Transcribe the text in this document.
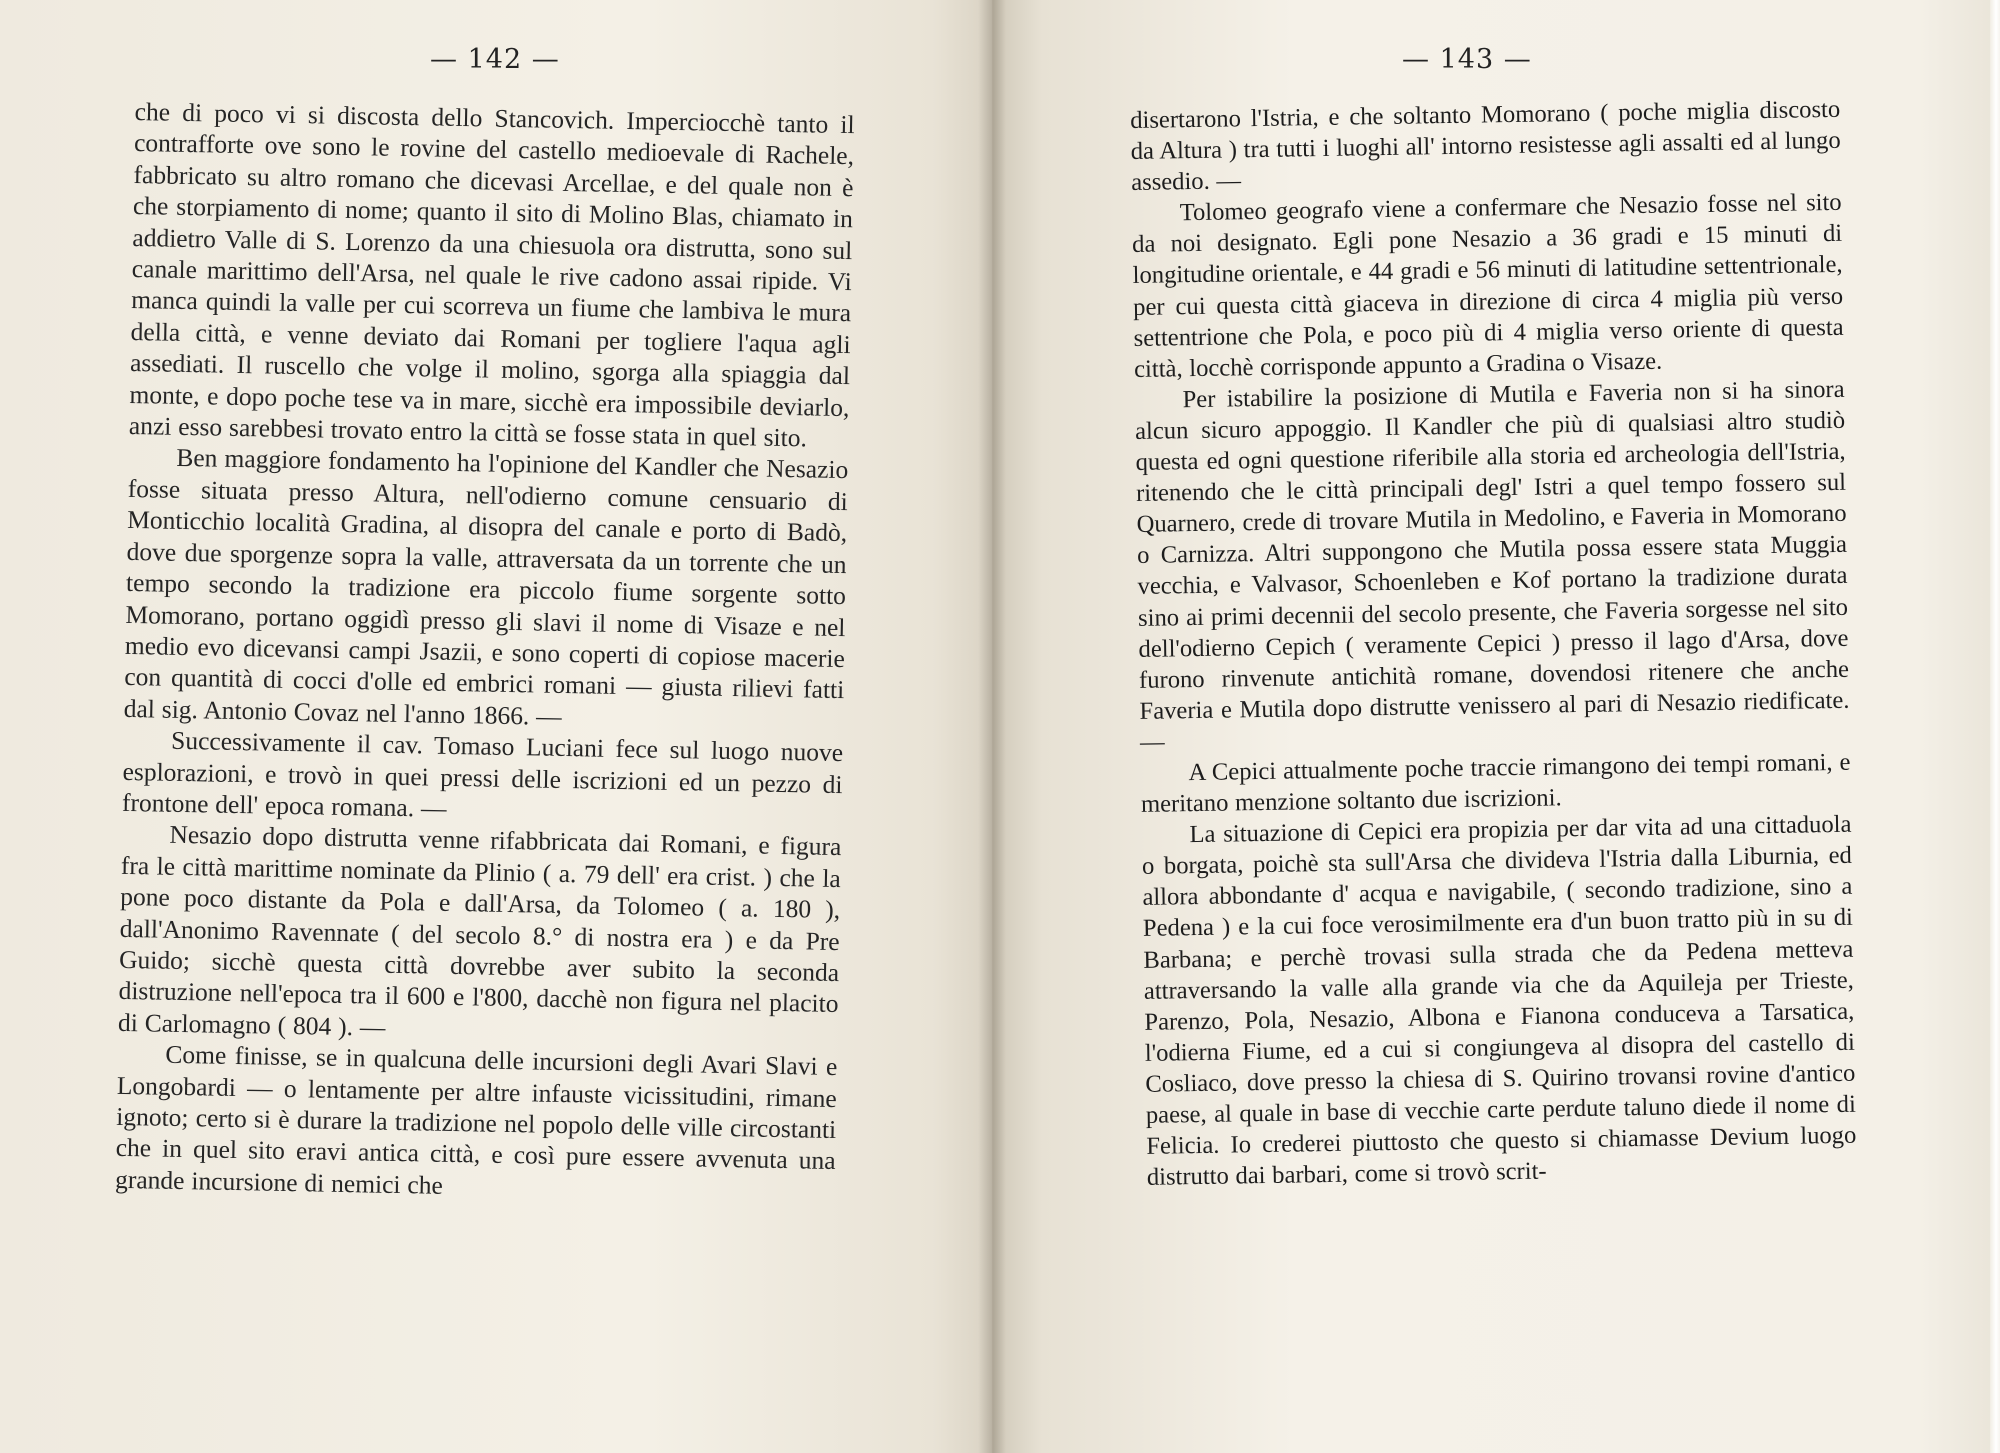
— 142 —

che di poco vi si discosta dello Stancovich. Imperciocchè tanto il contrafforte ove sono le rovine del castello medioevale di Rachele, fabbricato su altro romano che dicevasi Arcellae, e del quale non è che storpiamento di nome; quanto il sito di Molino Blas, chiamato in addietro Valle di S. Lorenzo da una chiesuola ora distrutta, sono sul canale marittimo dell'Arsa, nel quale le rive cadono assai ripide. Vi manca quindi la valle per cui scorreva un fiume che lambiva le mura della città, e venne deviato dai Romani per togliere l'aqua agli assediati. Il ruscello che volge il molino, sgorga alla spiaggia dal monte, e dopo poche tese va in mare, sicchè era impossibile deviarlo, anzi esso sarebbesi trovato entro la città se fosse stata in quel sito.

Ben maggiore fondamento ha l'opinione del Kandler che Nesazio fosse situata presso Altura, nell'odierno comune censuario di Monticchio località Gradina, al disopra del canale e porto di Badò, dove due sporgenze sopra la valle, attraversata da un torrente che un tempo secondo la tradizione era piccolo fiume sorgente sotto Momorano, portano oggidì presso gli slavi il nome di Visaze e nel medio evo dicevansi campi Jsazii, e sono coperti di copiose macerie con quantità di cocci d'olle ed embrici romani — giusta rilievi fatti dal sig. Antonio Covaz nel l'anno 1866. —

Successivamente il cav. Tomaso Luciani fece sul luogo nuove esplorazioni, e trovò in quei pressi delle iscrizioni ed un pezzo di frontone dell' epoca romana. —

Nesazio dopo distrutta venne rifabbricata dai Romani, e figura fra le città marittime nominate da Plinio ( a. 79 dell' era crist. ) che la pone poco distante da Pola e dall'Arsa, da Tolomeo ( a. 180 ), dall'Anonimo Ravennate ( del secolo 8.° di nostra era ) e da Pre Guido; sicchè questa città dovrebbe aver subito la seconda distruzione nell'epoca tra il 600 e l'800, dacchè non figura nel placito di Carlomagno ( 804 ). —

Come finisse, se in qualcuna delle incursioni degli Avari Slavi e Longobardi — o lentamente per altre infauste vicissitudini, rimane ignoto; certo si è durare la tradizione nel popolo delle ville circostanti che in quel sito eravi antica città, e così pure essere avvenuta una grande incursione di nemici che

— 143 —

disertarono l'Istria, e che soltanto Momorano ( poche miglia discosto da Altura ) tra tutti i luoghi all' intorno resistesse agli assalti ed al lungo assedio. —

Tolomeo geografo viene a confermare che Nesazio fosse nel sito da noi designato. Egli pone Nesazio a 36 gradi e 15 minuti di longitudine orientale, e 44 gradi e 56 minuti di latitudine settentrionale, per cui questa città giaceva in direzione di circa 4 miglia più verso settentrione che Pola, e poco più di 4 miglia verso oriente di questa città, locchè corrisponde appunto a Gradina o Visaze.

Per istabilire la posizione di Mutila e Faveria non si ha sinora alcun sicuro appoggio. Il Kandler che più di qualsiasi altro studiò questa ed ogni questione riferibile alla storia ed archeologia dell'Istria, ritenendo che le città principali degl' Istri a quel tempo fossero sul Quarnero, crede di trovare Mutila in Medolino, e Faveria in Momorano o Carnizza. Altri suppongono che Mutila possa essere stata Muggia vecchia, e Valvasor, Schoenleben e Kof portano la tradizione durata sino ai primi decennii del secolo presente, che Faveria sorgesse nel sito dell'odierno Cepich ( veramente Cepici ) presso il lago d'Arsa, dove furono rinvenute antichità romane, dovendosi ritenere che anche Faveria e Mutila dopo distrutte venissero al pari di Nesazio riedificate. —

A Cepici attualmente poche traccie rimangono dei tempi romani, e meritano menzione soltanto due iscrizioni.

La situazione di Cepici era propizia per dar vita ad una cittaduola o borgata, poichè sta sull'Arsa che divideva l'Istria dalla Liburnia, ed allora abbondante d' acqua e navigabile, ( secondo tradizione, sino a Pedena ) e la cui foce verosimilmente era d'un buon tratto più in su di Barbana; e perchè trovasi sulla strada che da Pedena metteva attraversando la valle alla grande via che da Aquileja per Trieste, Parenzo, Pola, Nesazio, Albona e Fianona conduceva a Tarsatica, l'odierna Fiume, ed a cui si congiungeva al disopra del castello di Cosliaco, dove presso la chiesa di S. Quirino trovansi rovine d'antico paese, al quale in base di vecchie carte perdute taluno diede il nome di Felicia. Io crederei piuttosto che questo si chiamasse Devium luogo distrutto dai barbari, come si trovò scrit-
